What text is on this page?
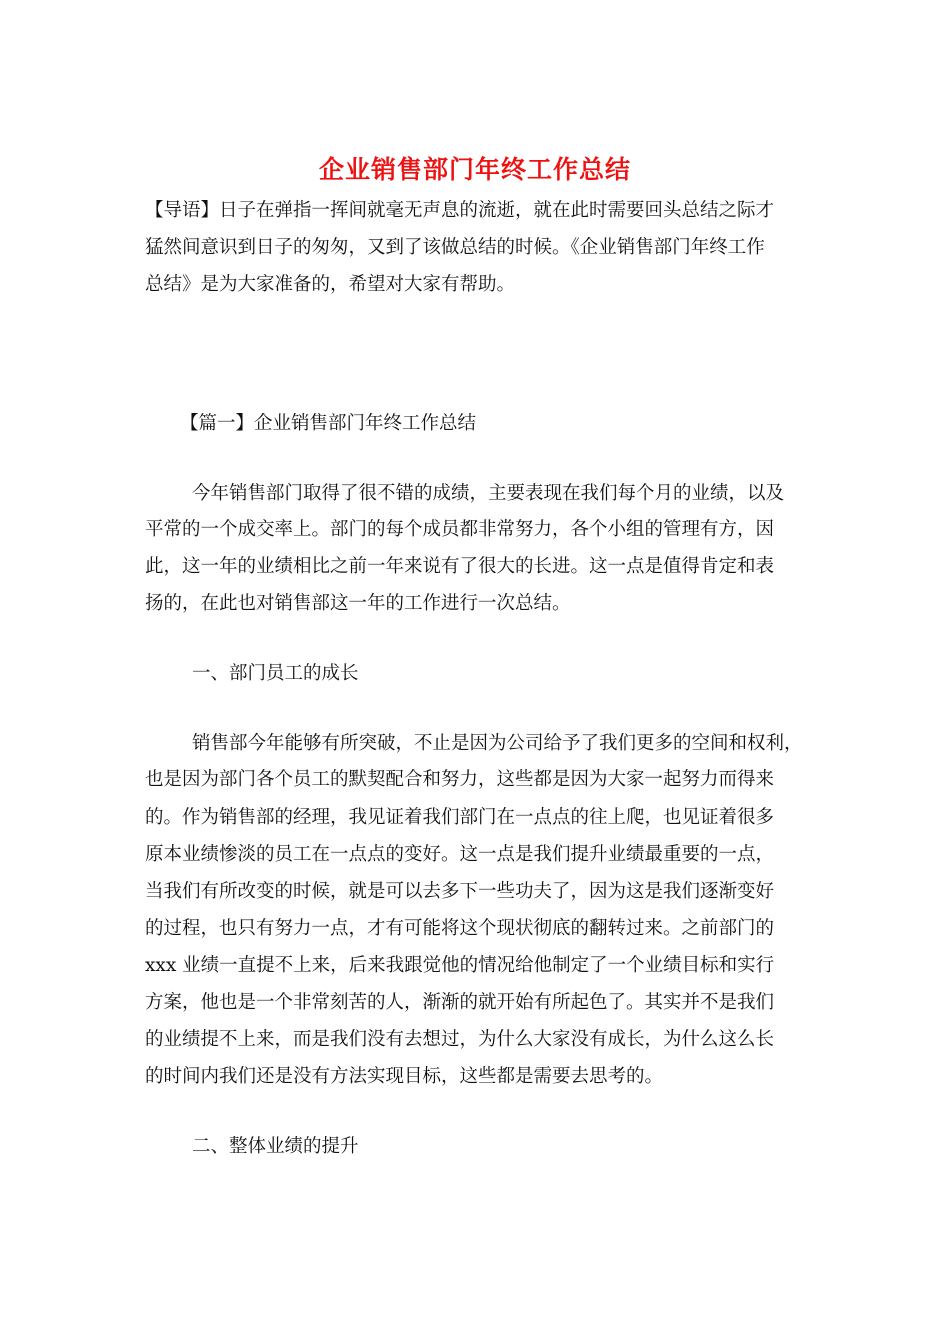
企业销售部门年终工作总结
【导语】日子在弹指一挥间就毫无声息的流逝，就在此时需要回头总结之际才
猛然间意识到日子的匆匆，又到了该做总结的时候。《企业销售部门年终工作
总结》是为大家准备的，希望对大家有帮助。
【篇一】企业销售部门年终工作总结
今年销售部门取得了很不错的成绩，主要表现在我们每个月的业绩，以及
平常的一个成交率上。部门的每个成员都非常努力，各个小组的管理有方，因
此，这一年的业绩相比之前一年来说有了很大的长进。这一点是值得肯定和表
扬的，在此也对销售部这一年的工作进行一次总结。
一、部门员工的成长
销售部今年能够有所突破，不止是因为公司给予了我们更多的空间和权利，
也是因为部门各个员工的默契配合和努力，这些都是因为大家一起努力而得来
的。作为销售部的经理，我见证着我们部门在一点点的往上爬，也见证着很多
原本业绩惨淡的员工在一点点的变好。这一点是我们提升业绩最重要的一点，
当我们有所改变的时候，就是可以去多下一些功夫了，因为这是我们逐渐变好
的过程，也只有努力一点，才有可能将这个现状彻底的翻转过来。之前部门的
xxx 业绩一直提不上来，后来我跟觉他的情况给他制定了一个业绩目标和实行
方案，他也是一个非常刻苦的人，渐渐的就开始有所起色了。其实并不是我们
的业绩提不上来，而是我们没有去想过，为什么大家没有成长，为什么这么长
的时间内我们还是没有方法实现目标，这些都是需要去思考的。
二、整体业绩的提升
